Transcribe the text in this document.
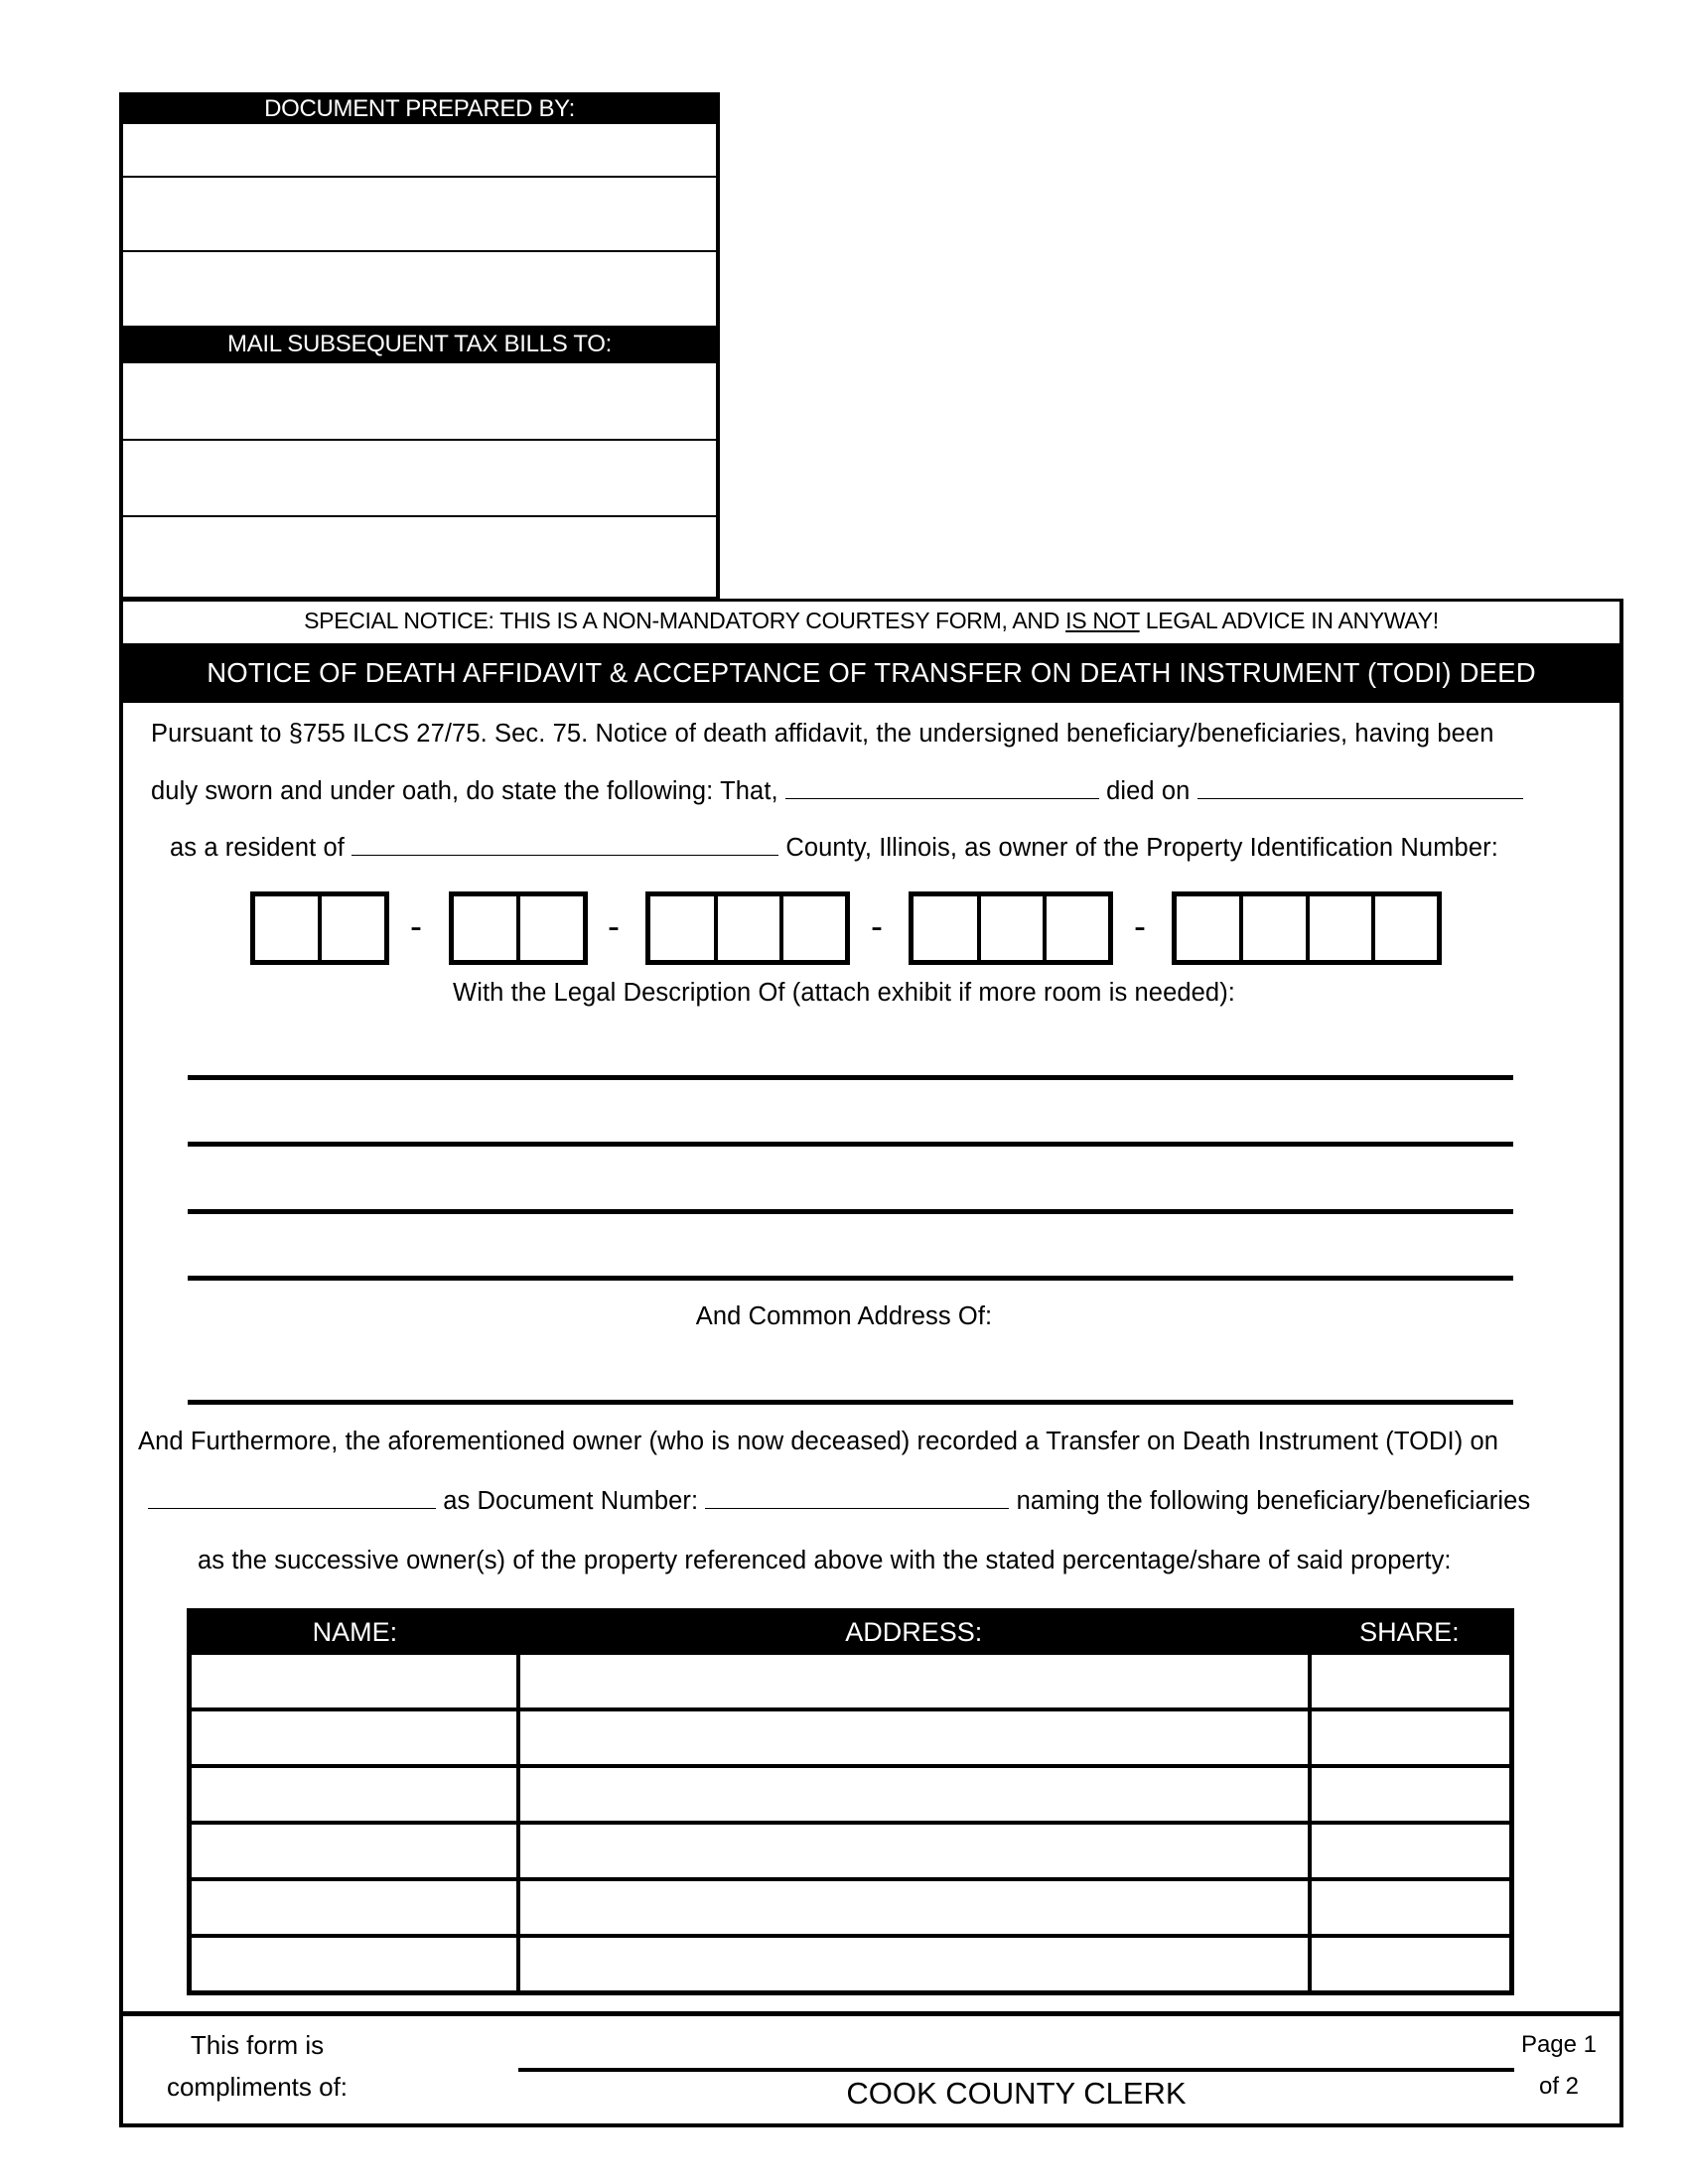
DOCUMENT PREPARED BY:
MAIL SUBSEQUENT TAX BILLS TO:
SPECIAL NOTICE: THIS IS A NON-MANDATORY COURTESY FORM, AND IS NOT LEGAL ADVICE IN ANYWAY!
NOTICE OF DEATH AFFIDAVIT & ACCEPTANCE OF TRANSFER ON DEATH INSTRUMENT (TODI) DEED
Pursuant to §755 ILCS 27/75. Sec. 75. Notice of death affidavit, the undersigned beneficiary/beneficiaries, having been
duly sworn and under oath, do state the following: That,	died on
as a resident of	County, Illinois, as owner of the Property Identification Number:
-	-	-	-
With the Legal Description Of (attach exhibit if more room is needed):
And Common Address Of:
And Furthermore, the aforementioned owner (who is now deceased) recorded a Transfer on Death Instrument (TODI) on
as Document Number:	naming the following beneficiary/beneficiaries
as the successive owner(s) of the property referenced above with the stated percentage/share of said property:
NAME:	ADDRESS:	SHARE:

This form is
compliments of:	COOK COUNTY CLERK
Page 1
of 2
